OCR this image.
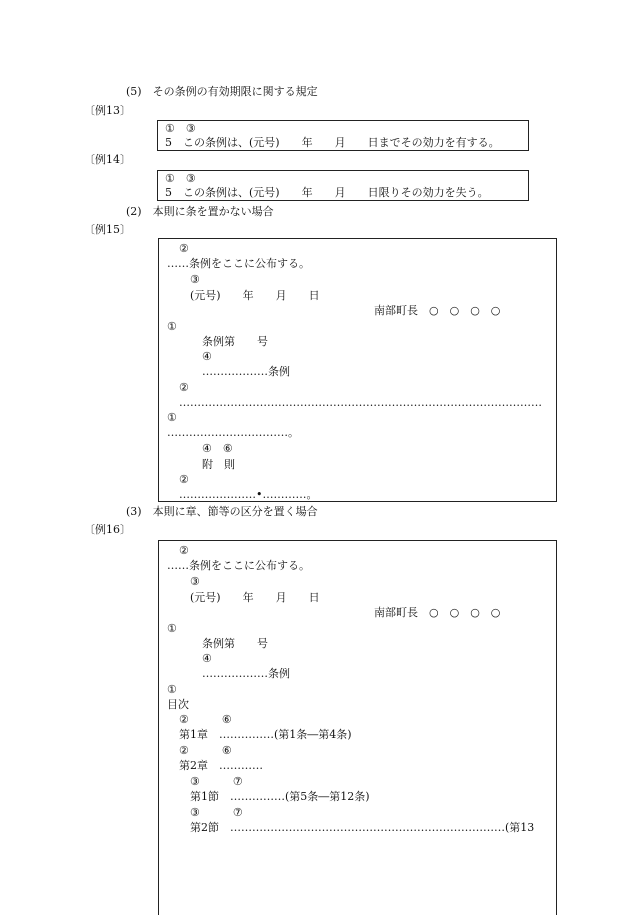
(5)　その条例の有効期限に関する規定
〔例13〕
①　③
5　この条例は、(元号)　　年　　月　　日までその効力を有する。
〔例14〕
①　③
5　この条例は、(元号)　　年　　月　　日限りその効力を失う。
(2)　本則に条を置かない場合
〔例15〕
②
……条例をここに公布する。
③
(元号)　　年　　月　　日
南部町長　○　○　○　○
①
条例第　　号
④
………………条例
②
………………………………………………………………………………………
①
……………………………。
④　⑥
附　則
②
…………………•…………。
(3)　本則に章、節等の区分を置く場合
〔例16〕
②
……条例をここに公布する。
③
(元号)　　年　　月　　日
南部町長　○　○　○　○
①
条例第　　号
④
………………条例
①
目次
②　　　⑥
第1章　……………(第1条―第4条)
②　　　⑥
第2章　…………
③　　　⑦
第1節　……………(第5条―第12条)
③　　　⑦
第2節　…………………………………………………………………(第13
